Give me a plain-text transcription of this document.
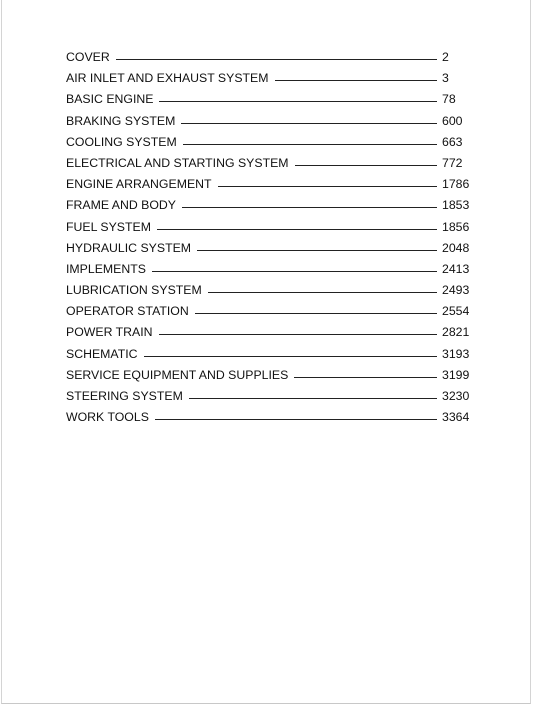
COVER	2
AIR INLET AND EXHAUST SYSTEM	3
BASIC ENGINE	78
BRAKING SYSTEM	600
COOLING SYSTEM	663
ELECTRICAL AND STARTING SYSTEM	772
ENGINE ARRANGEMENT	1786
FRAME AND BODY	1853
FUEL SYSTEM	1856
HYDRAULIC SYSTEM	2048
IMPLEMENTS	2413
LUBRICATION SYSTEM	2493
OPERATOR STATION	2554
POWER TRAIN	2821
SCHEMATIC	3193
SERVICE EQUIPMENT AND SUPPLIES	3199
STEERING SYSTEM	3230
WORK TOOLS	3364
